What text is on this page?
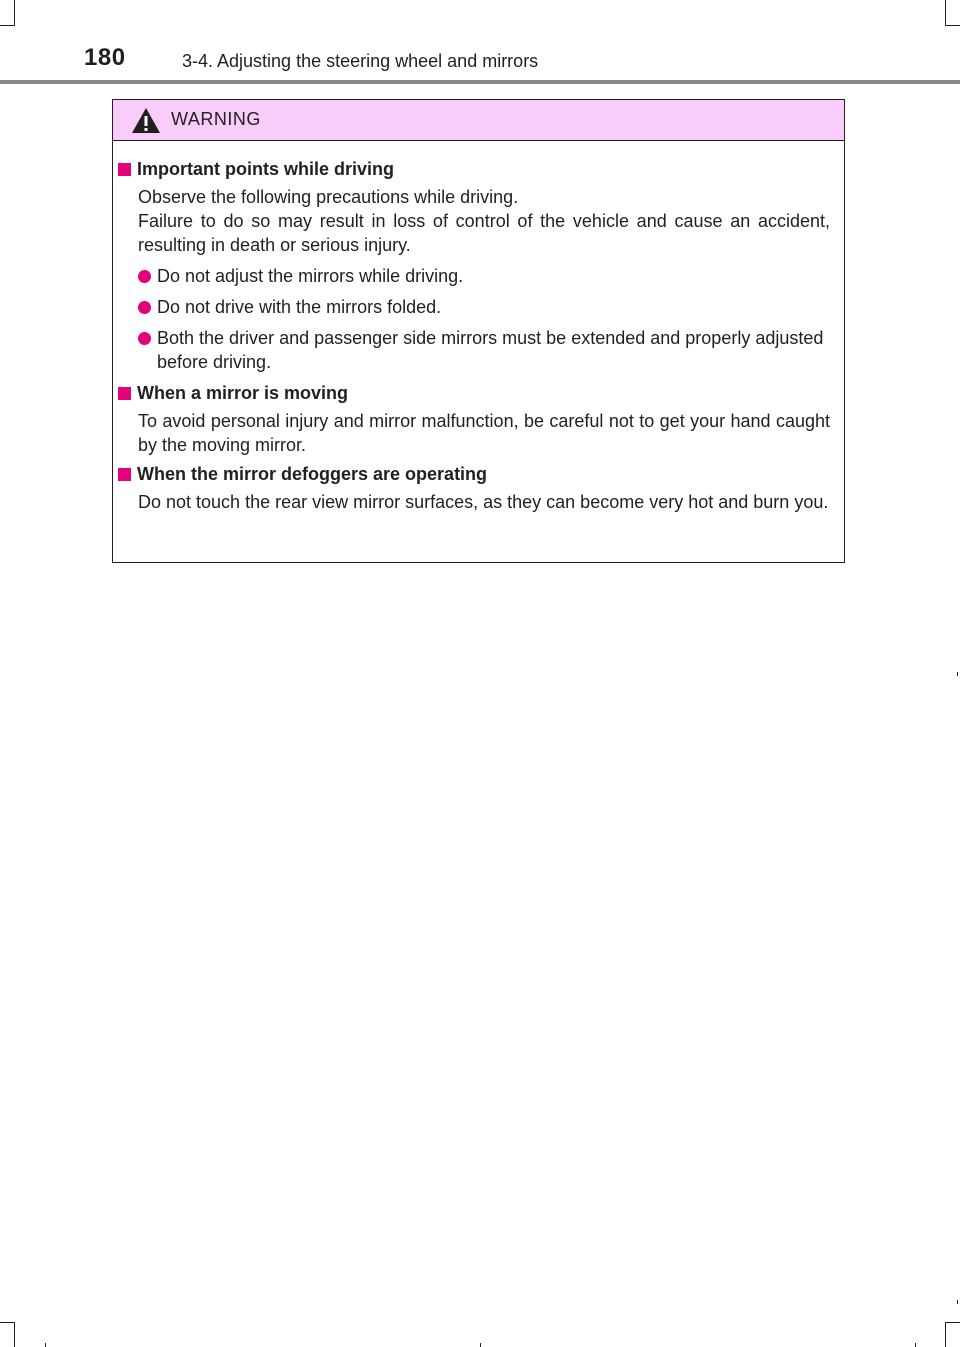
180	3-4. Adjusting the steering wheel and mirrors
WARNING
Important points while driving
Observe the following precautions while driving.
Failure to do so may result in loss of control of the vehicle and cause an accident, resulting in death or serious injury.
Do not adjust the mirrors while driving.
Do not drive with the mirrors folded.
Both the driver and passenger side mirrors must be extended and properly adjusted before driving.
When a mirror is moving
To avoid personal injury and mirror malfunction, be careful not to get your hand caught by the moving mirror.
When the mirror defoggers are operating
Do not touch the rear view mirror surfaces, as they can become very hot and burn you.
